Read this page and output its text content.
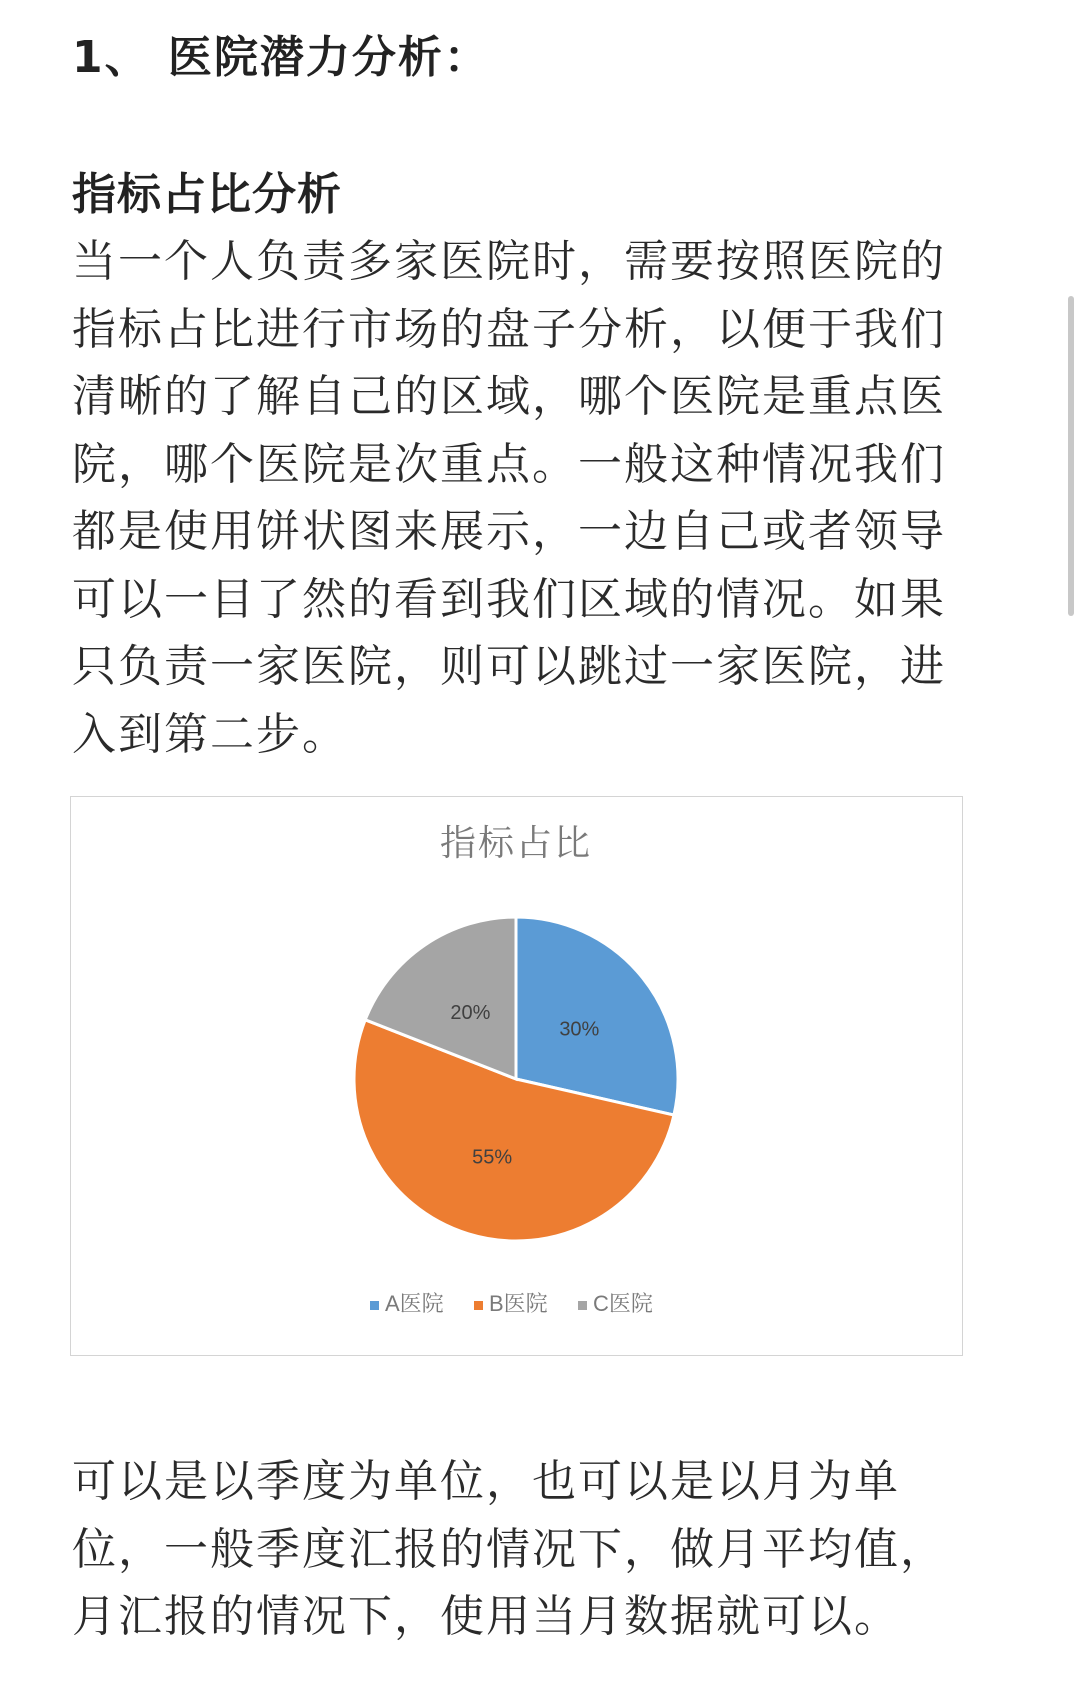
1、 医院潜力分析：
指标占比分析

当一个人负责多家医院时，需要按照医院的
指标占比进行市场的盘子分析，以便于我们
清晰的了解自己的区域，哪个医院是重点医
院，哪个医院是次重点。一般这种情况我们
都是使用饼状图来展示，一边自己或者领导
可以一目了然的看到我们区域的情况。如果
只负责一家医院，则可以跳过一家医院，进
入到第二步。

指标占比
30%
55%
20%
A医院 B医院 C医院

可以是以季度为单位，也可以是以月为单
位，一般季度汇报的情况下，做月平均值，
月汇报的情况下，使用当月数据就可以。
